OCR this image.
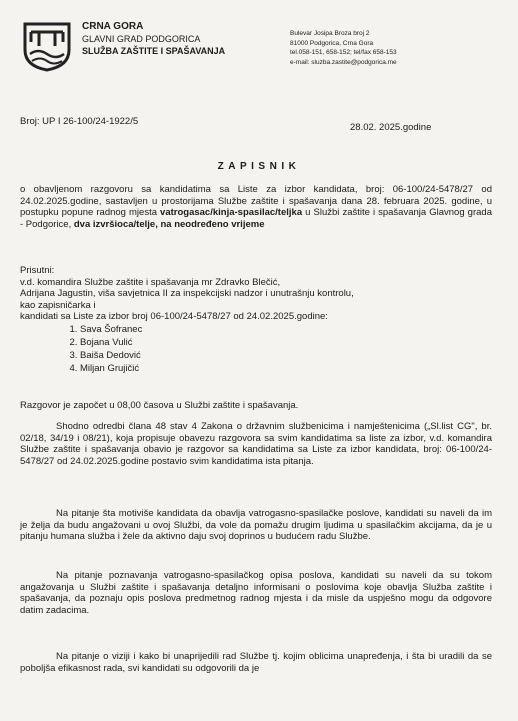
CRNA GORA
GLAVNI GRAD PODGORICA
SLUŽBA ZAŠTITE I SPAŠAVANJA
Bulevar Josipa Broza broj 2
81000 Podgorica, Crna Gora
tel.058-151, 658-152; tel/fax 658-153
e-mail: sluzba.zastite@podgorica.me
Broj: UP I 26-100/24-1922/5
28.02. 2025.godine
ZAPISNIK
o obavljenom razgovoru sa kandidatima sa Liste za izbor kandidata, broj: 06-100/24-5478/27 od 24.02.2025.godine, sastavljen u prostorijama Službe zaštite i spašavanja dana 28. februara 2025. godine, u postupku popune radnog mjesta vatrogasac/kinja-spasilac/teljka u Službi zaštite i spašavanja Glavnog grada - Podgorice, dva izvršioca/telje, na neodređeno vrijeme
Prisutni:
v.d. komandira Službe zaštite i spašavanja mr Zdravko Blečić,
Adrijana Jagustin, viša savjetnica II za inspekcijski nadzor i unutrašnju kontrolu,
kao zapisničarka i
kandidati sa Liste za izbor broj 06-100/24-5478/27 od 24.02.2025.godine:
1. Sava Šofranec
2. Bojana Vulić
3. Baiša Dedović
4. Miljan Grujičić
Razgovor je započet u 08,00 časova u Službi zaštite i spašavanja.
Shodno odredbi člana 48 stav 4 Zakona o državnim službenicima i namještenicima („Sl.list CG", br. 02/18, 34/19 i 08/21), koja propisuje obavezu razgovora sa svim kandidatima sa liste za izbor, v.d. komandira Službe zaštite i spašavanja obavio je razgovor sa kandidatima sa Liste za izbor kandidata, broj: 06-100/24-5478/27 od 24.02.2025.godine postavio svim kandidatima ista pitanja.
Na pitanje šta motiviše kandidata da obavlja vatrogasno-spasilačke poslove, kandidati su naveli da im je želja da budu angažovani u ovoj Službi, da vole da pomažu drugim ljudima u spasilačkim akcijama, da je u pitanju humana služba i žele da aktivno daju svoj doprinos u budućem radu Službe.
Na pitanje poznavanja vatrogasno-spasilačkog opisa poslova, kandidati su naveli da su tokom angažovanja u Službi zaštite i spašavanja detaljno informisani o poslovima koje obavlja Služba zaštite i spašavanja, da poznaju opis poslova predmetnog radnog mjesta i da misle da uspješno mogu da odgovore datim zadacima.
Na pitanje o viziji i kako bi unaprijedili rad Službe tj. kojim oblicima unapređenja, i šta bi uradili da se poboljša efikasnost rada, svi kandidati su odgovorili da je
